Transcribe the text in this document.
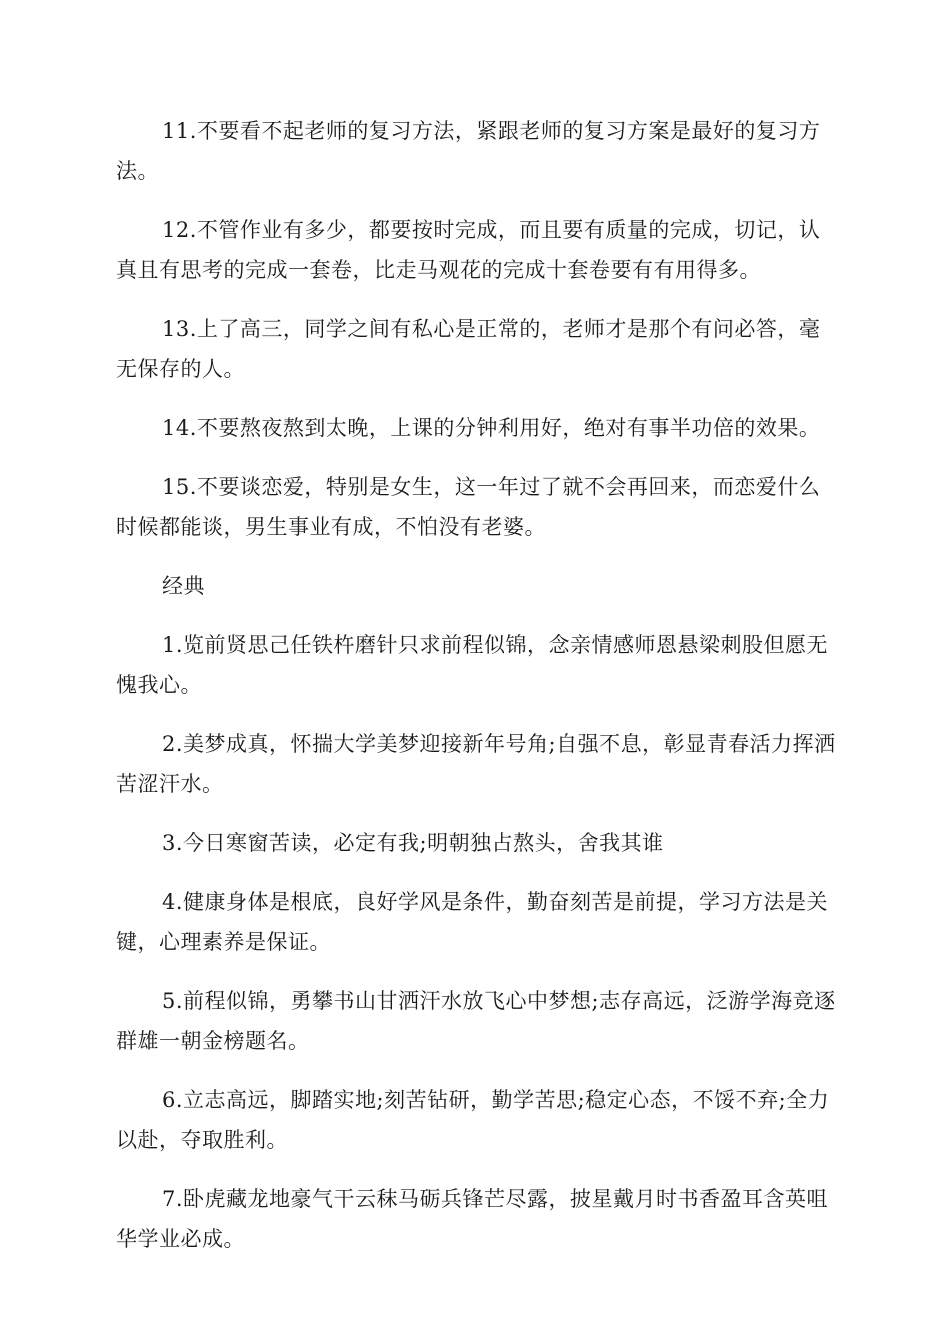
11.不要看不起老师的复习方法，紧跟老师的复习方案是最好的复习方法。

12.不管作业有多少，都要按时完成，而且要有质量的完成，切记，认真且有思考的完成一套卷，比走马观花的完成十套卷要有有用得多。

13.上了高三，同学之间有私心是正常的，老师才是那个有问必答，毫无保存的人。

14.不要熬夜熬到太晚，上课的分钟利用好，绝对有事半功倍的效果。

15.不要谈恋爱，特别是女生，这一年过了就不会再回来，而恋爱什么时候都能谈，男生事业有成，不怕没有老婆。

经典

1.览前贤思己任铁杵磨针只求前程似锦，念亲情感师恩悬梁刺股但愿无愧我心。

2.美梦成真，怀揣大学美梦迎接新年号角;自强不息，彰显青春活力挥洒苦涩汗水。

3.今日寒窗苦读，必定有我;明朝独占熬头，舍我其谁

4.健康身体是根底，良好学风是条件，勤奋刻苦是前提，学习方法是关键，心理素养是保证。

5.前程似锦，勇攀书山甘洒汗水放飞心中梦想;志存高远，泛游学海竞逐群雄一朝金榜题名。

6.立志高远，脚踏实地;刻苦钻研，勤学苦思;稳定心态，不馁不弃;全力以赴，夺取胜利。

7.卧虎藏龙地豪气干云秣马砺兵锋芒尽露，披星戴月时书香盈耳含英咀华学业必成。
